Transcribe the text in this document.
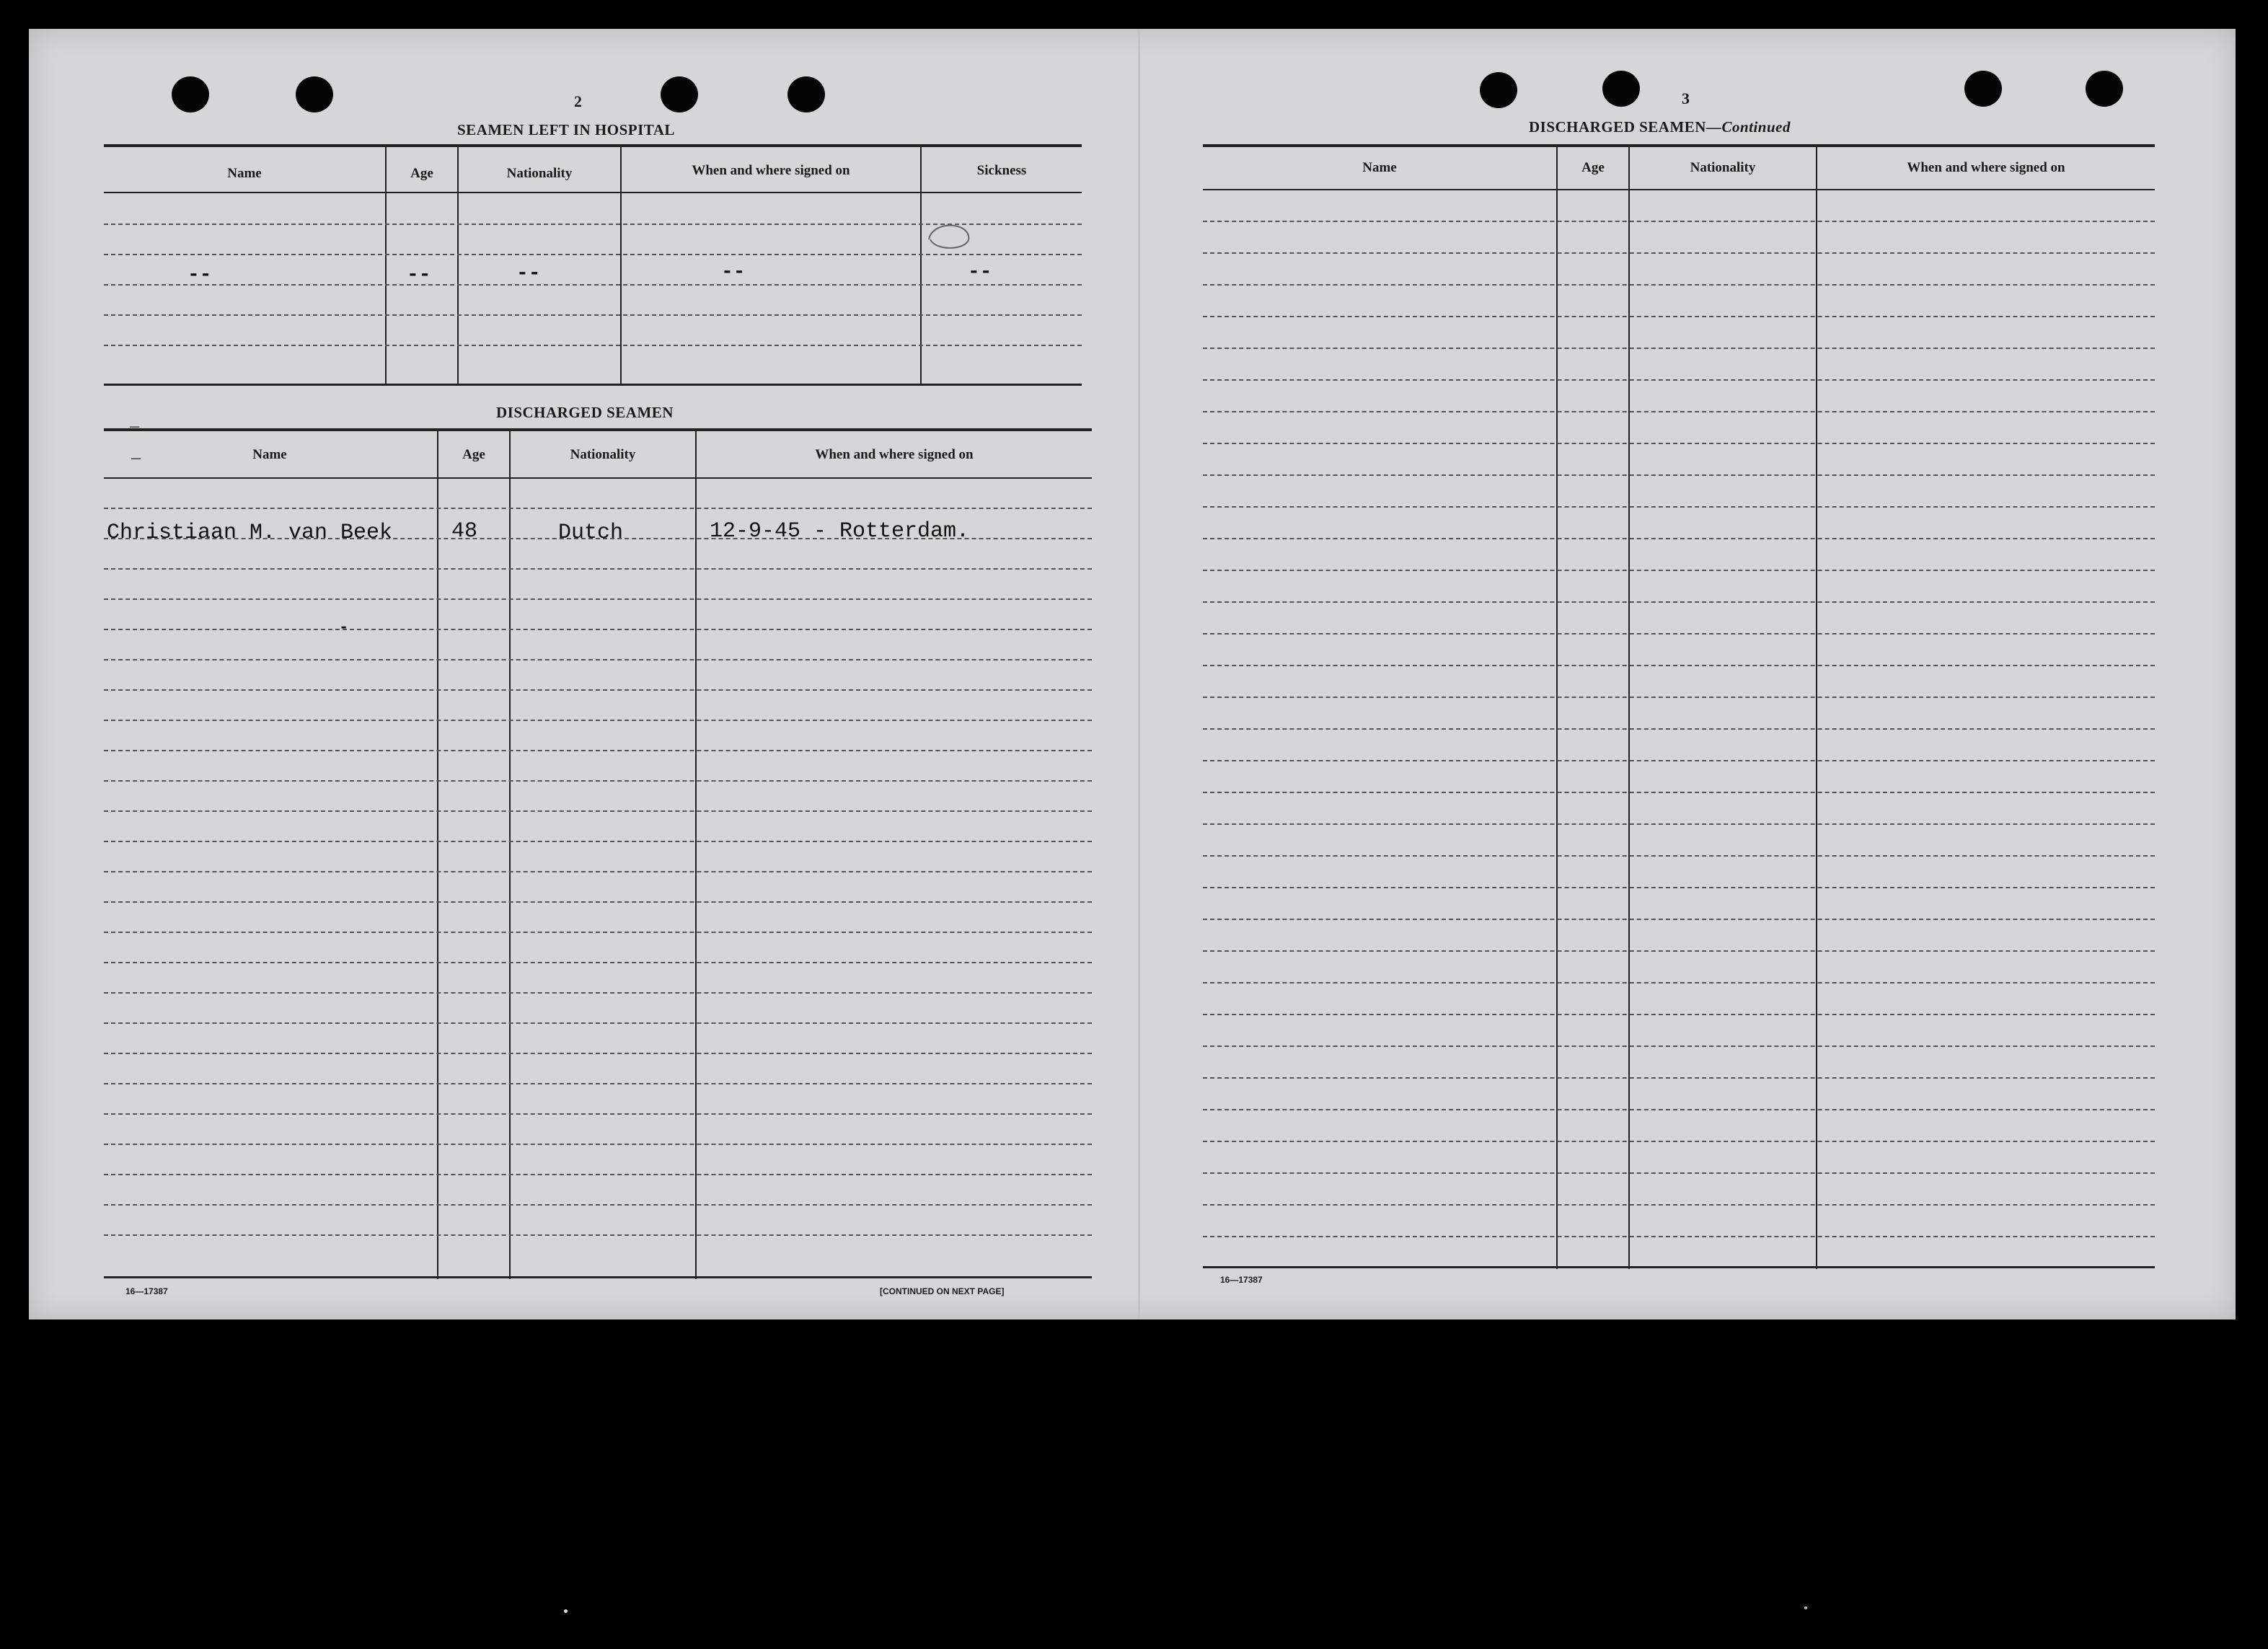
2
SEAMEN LEFT IN HOSPITAL
Name	Age	Nationality	When and where signed on	Sickness
--	--	--	--	--
DISCHARGED SEAMEN
Name	Age	Nationality	When and where signed on
—
—
Christiaan M. van Beek	48	Dutch	12-9-45 - Rotterdam.
-
16—17387	[CONTINUED ON NEXT PAGE]
3
DISCHARGED SEAMEN—Continued
Name	Age	Nationality	When and where signed on
16—17387
